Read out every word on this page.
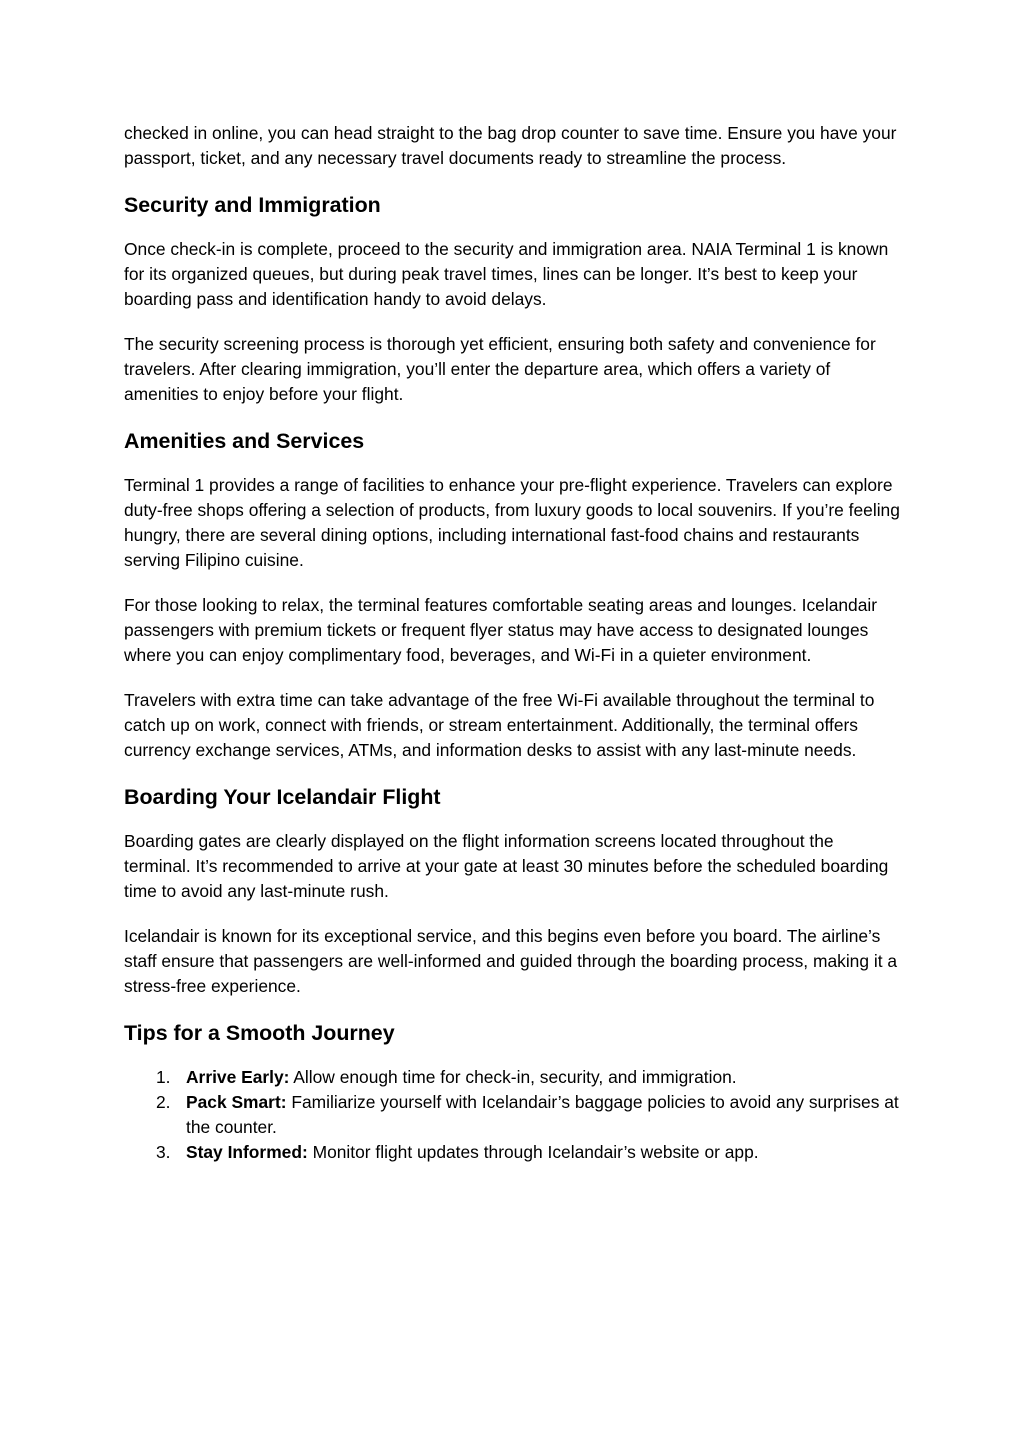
checked in online, you can head straight to the bag drop counter to save time. Ensure you have your passport, ticket, and any necessary travel documents ready to streamline the process.

Security and Immigration

Once check-in is complete, proceed to the security and immigration area. NAIA Terminal 1 is known for its organized queues, but during peak travel times, lines can be longer. It’s best to keep your boarding pass and identification handy to avoid delays.

The security screening process is thorough yet efficient, ensuring both safety and convenience for travelers. After clearing immigration, you’ll enter the departure area, which offers a variety of amenities to enjoy before your flight.

Amenities and Services

Terminal 1 provides a range of facilities to enhance your pre-flight experience. Travelers can explore duty-free shops offering a selection of products, from luxury goods to local souvenirs. If you’re feeling hungry, there are several dining options, including international fast-food chains and restaurants serving Filipino cuisine.

For those looking to relax, the terminal features comfortable seating areas and lounges. Icelandair passengers with premium tickets or frequent flyer status may have access to designated lounges where you can enjoy complimentary food, beverages, and Wi-Fi in a quieter environment.

Travelers with extra time can take advantage of the free Wi-Fi available throughout the terminal to catch up on work, connect with friends, or stream entertainment. Additionally, the terminal offers currency exchange services, ATMs, and information desks to assist with any last-minute needs.

Boarding Your Icelandair Flight

Boarding gates are clearly displayed on the flight information screens located throughout the terminal. It’s recommended to arrive at your gate at least 30 minutes before the scheduled boarding time to avoid any last-minute rush.

Icelandair is known for its exceptional service, and this begins even before you board. The airline’s staff ensure that passengers are well-informed and guided through the boarding process, making it a stress-free experience.

Tips for a Smooth Journey
1. Arrive Early: Allow enough time for check-in, security, and immigration.
2. Pack Smart: Familiarize yourself with Icelandair’s baggage policies to avoid any surprises at the counter.
3. Stay Informed: Monitor flight updates through Icelandair’s website or app.
